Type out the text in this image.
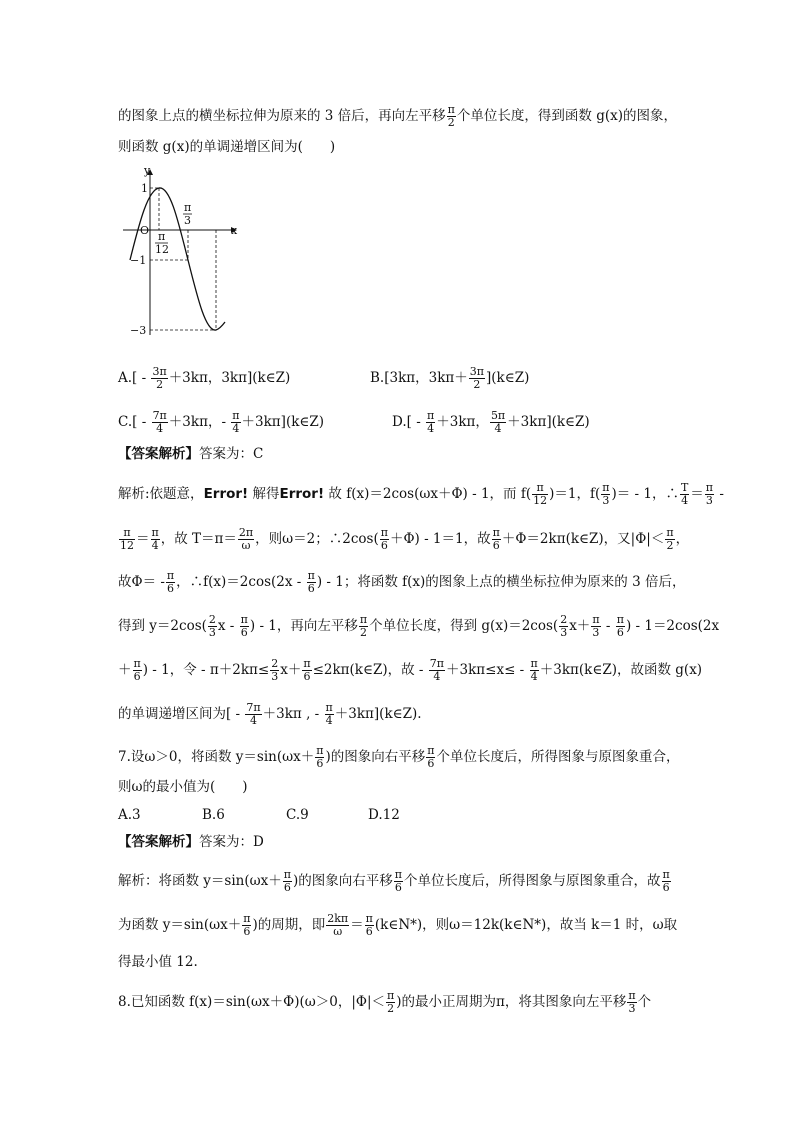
的图象上点的横坐标拉伸为原来的 3 倍后，再向左平移 $\frac{\pi}{2}$ 个单位长度，得到函数 g(x)的图象，
则函数 g(x)的单调递增区间为(　　)
y
x
O
1
−1
−3
π
12
π
3
$A.[ - \frac{3\pi}{2} +3k\pi$，3kπ](k∈Z)	B.[3kπ，$3k\pi+ \frac{3\pi}{2}$ ](k∈Z)
$C.[ - \frac{7\pi}{4} +3k\pi$，- $\frac{\pi}{4}$ ＋3kπ](k∈Z)	$D.[ - \frac{\pi}{4} +3k\pi$， $\frac{5\pi}{4}$ ＋3kπ](k∈Z)
【答案解析】答案为：C
解析:依题意，Error! 解得Error! 故 f(x)＝2cos(ωx＋Φ) - 1，而 $f( \frac{\pi}{12} )=1$，$f( \frac{\pi}{3}$ )＝ - 1，∴ $\frac{T}{4} = \frac{\pi}{3}$ -
$\frac{\pi}{12} = \frac{\pi}{4}$ ，故 $T=\pi= \frac{2\pi}{\omega}$ ，则ω＝2；∴2cos( $\frac{\pi}{6} +\Phi) - 1=1$，故 $\frac{\pi}{6}$ ＋Φ＝2kπ(k∈Z)，又$|\Phi|< \frac{\pi}{2}$ ，
故$\Phi= - \frac{\pi}{6}$ ，∴f(x)＝2cos(2x - $\frac{\pi}{6}$ ) - 1；将函数 f(x)的图象上点的横坐标拉伸为原来的 3 倍后，
得到 $y=2\cos( \frac{2}{3}$ x - $\frac{\pi}{6}$ ) - 1，再向左平移 $\frac{\pi}{2}$ 个单位长度，得到 $g(x)=2\cos( \frac{2}{3} x+ \frac{\pi}{3} - \frac{\pi}{6}$ ) - 1＝2cos(2x
＋ $\frac{\pi}{6}$ ) - 1，令 - $\pi+2k\pi\le \frac{2}{3} x+ \frac{\pi}{6}$ ≤2kπ(k∈Z)，故 - $\frac{7\pi}{4} +3k\pi\le x\le - \frac{\pi}{4}$ ＋3kπ(k∈Z)，故函数 g(x)
的单调递增区间为[ - $\frac{7\pi}{4} +3k\pi$ , - $\frac{\pi}{4}$ ＋3kπ](k∈Z).
7.设ω＞0，将函数 $y=\sin(\omega x+ \frac{\pi}{6}$ )的图象向右平移 $\frac{\pi}{6}$ 个单位长度后，所得图象与原图象重合，
则ω的最小值为(　　)
A.3	B.6	C.9	D.12
【答案解析】答案为：D
解析：将函数 $y=\sin(\omega x+ \frac{\pi}{6}$ )的图象向右平移 $\frac{\pi}{6}$ 个单位长度后，所得图象与原图象重合，故 $\frac{\pi}{6}$
为函数 $y=\sin(\omega x+ \frac{\pi}{6}$ )的周期，即 $\frac{2k\pi}{\omega} = \frac{\pi}{6}$ (k∈N*)，则ω＝12k(k∈N*)，故当 k＝1 时，ω取
得最小值 12.
8.已知函数 f(x)＝sin(ωx＋Φ)(ω＞0，$|\Phi|< \frac{\pi}{2}$ )的最小正周期为π，将其图象向左平移 $\frac{\pi}{3}$ 个
